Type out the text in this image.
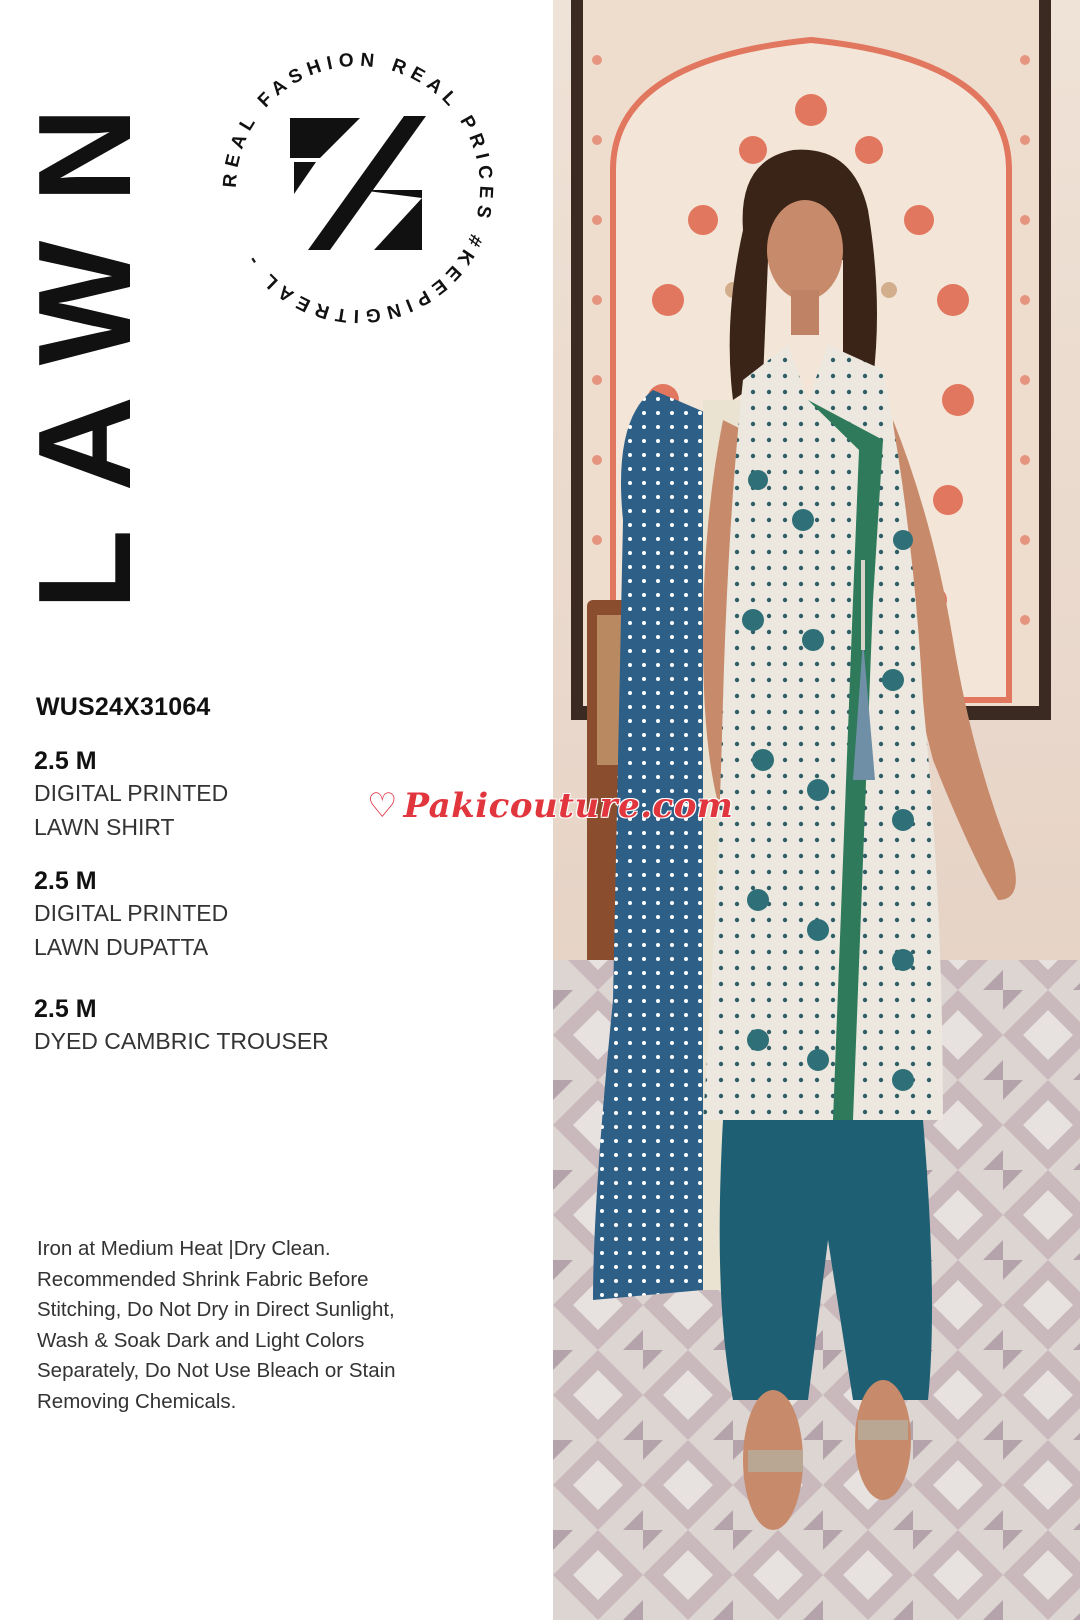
LAWN	REAL FASHION REAL PRICES #KEEPINGITREAL -
WUS24X31064
2.5 M
DIGITAL PRINTED
LAWN SHIRT
2.5 M
DIGITAL PRINTED
LAWN DUPATTA
2.5 M
DYED CAMBRIC TROUSER
Iron at Medium Heat |Dry Clean. Recommended Shrink Fabric Before Stitching, Do Not Dry in Direct Sunlight, Wash & Soak Dark and Light Colors Separately, Do Not Use Bleach or Stain Removing Chemicals.
♡ Pakicouture.com
